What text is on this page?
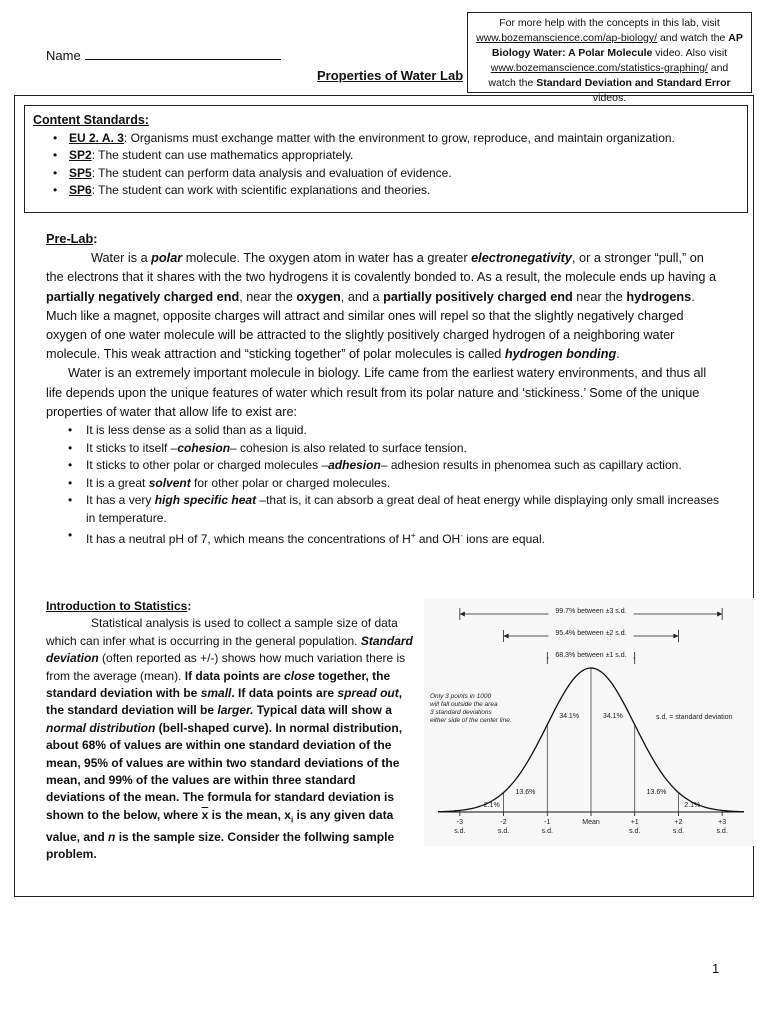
For more help with the concepts in this lab, visit
www.bozemanscience.com/ap-biology/ and watch the AP Biology Water: A Polar Molecule video. Also visit
www.bozemanscience.com/statistics-graphing/ and
watch the Standard Deviation and Standard Error videos.
Name
Properties of Water Lab
Content Standards:
• EU 2. A. 3: Organisms must exchange matter with the environment to grow, reproduce, and maintain organization.
• SP2: The student can use mathematics appropriately.
• SP5: The student can perform data analysis and evaluation of evidence.
• SP6: The student can work with scientific explanations and theories.

Pre-Lab:

Water is a polar molecule. The oxygen atom in water has a greater electronegativity, or a stronger “pull,” on the electrons that it shares with the two hydrogens it is covalently bonded to. As a result, the molecule ends up having a partially negatively charged end, near the oxygen, and a partially positively charged end near the hydrogens. Much like a magnet, opposite charges will attract and similar ones will repel so that the slightly negatively charged oxygen of one water molecule will be attracted to the slightly positively charged hydrogen of a neighboring water molecule. This weak attraction and “sticking together” of polar molecules is called hydrogen bonding.

Water is an extremely important molecule in biology. Life came from the earliest watery environments, and thus all life depends upon the unique features of water which result from its polar nature and ‘stickiness.’ Some of the unique properties of water that allow life to exist are:

• It is less dense as a solid than as a liquid.
• It sticks to itself –cohesion– cohesion is also related to surface tension.
• It sticks to other polar or charged molecules –adhesion– adhesion results in phenomea such as capillary action.
• It is a great solvent for other polar or charged molecules.
• It has a very high specific heat –that is, it can absorb a great deal of heat energy while displaying only small increases in temperature.
• It has a neutral pH of 7, which means the concentrations of H+ and OH- ions are equal.

Introduction to Statistics:

Statistical analysis is used to collect a sample size of data which can infer what is occurring in the general population. Standard deviation (often reported as +/-) shows how much variation there is from the average (mean). If data points are close together, the standard deviation with be small. If data points are spread out, the standard deviation will be larger. Typical data will show a normal distribution (bell-shaped curve). In normal distribution, about 68% of values are within one standard deviation of the mean, 95% of values are within two standard deviations of the mean, and 99% of the values are within three standard deviations of the mean. The formula for standard deviation is shown to the below, where $\overline{x}$ is the mean, $x_i$ is any given data value, and n is the sample size. Consider the follwing sample problem.

99.7% between ±3 s.d.
95.4% between ±2 s.d.
68.3% between ±1 s.d.
-3
s.d.
-2
s.d.
-1
s.d.
Mean	+1
s.d.
+2
s.d.
+3
s.d.
2.1%
13.6%
34.1%	34.1%
13.6%
2.1%
Only 3 points in 1000 will fall outside the area 3 standard deviations either side of the center line.	s.d. = standard deviation
1
